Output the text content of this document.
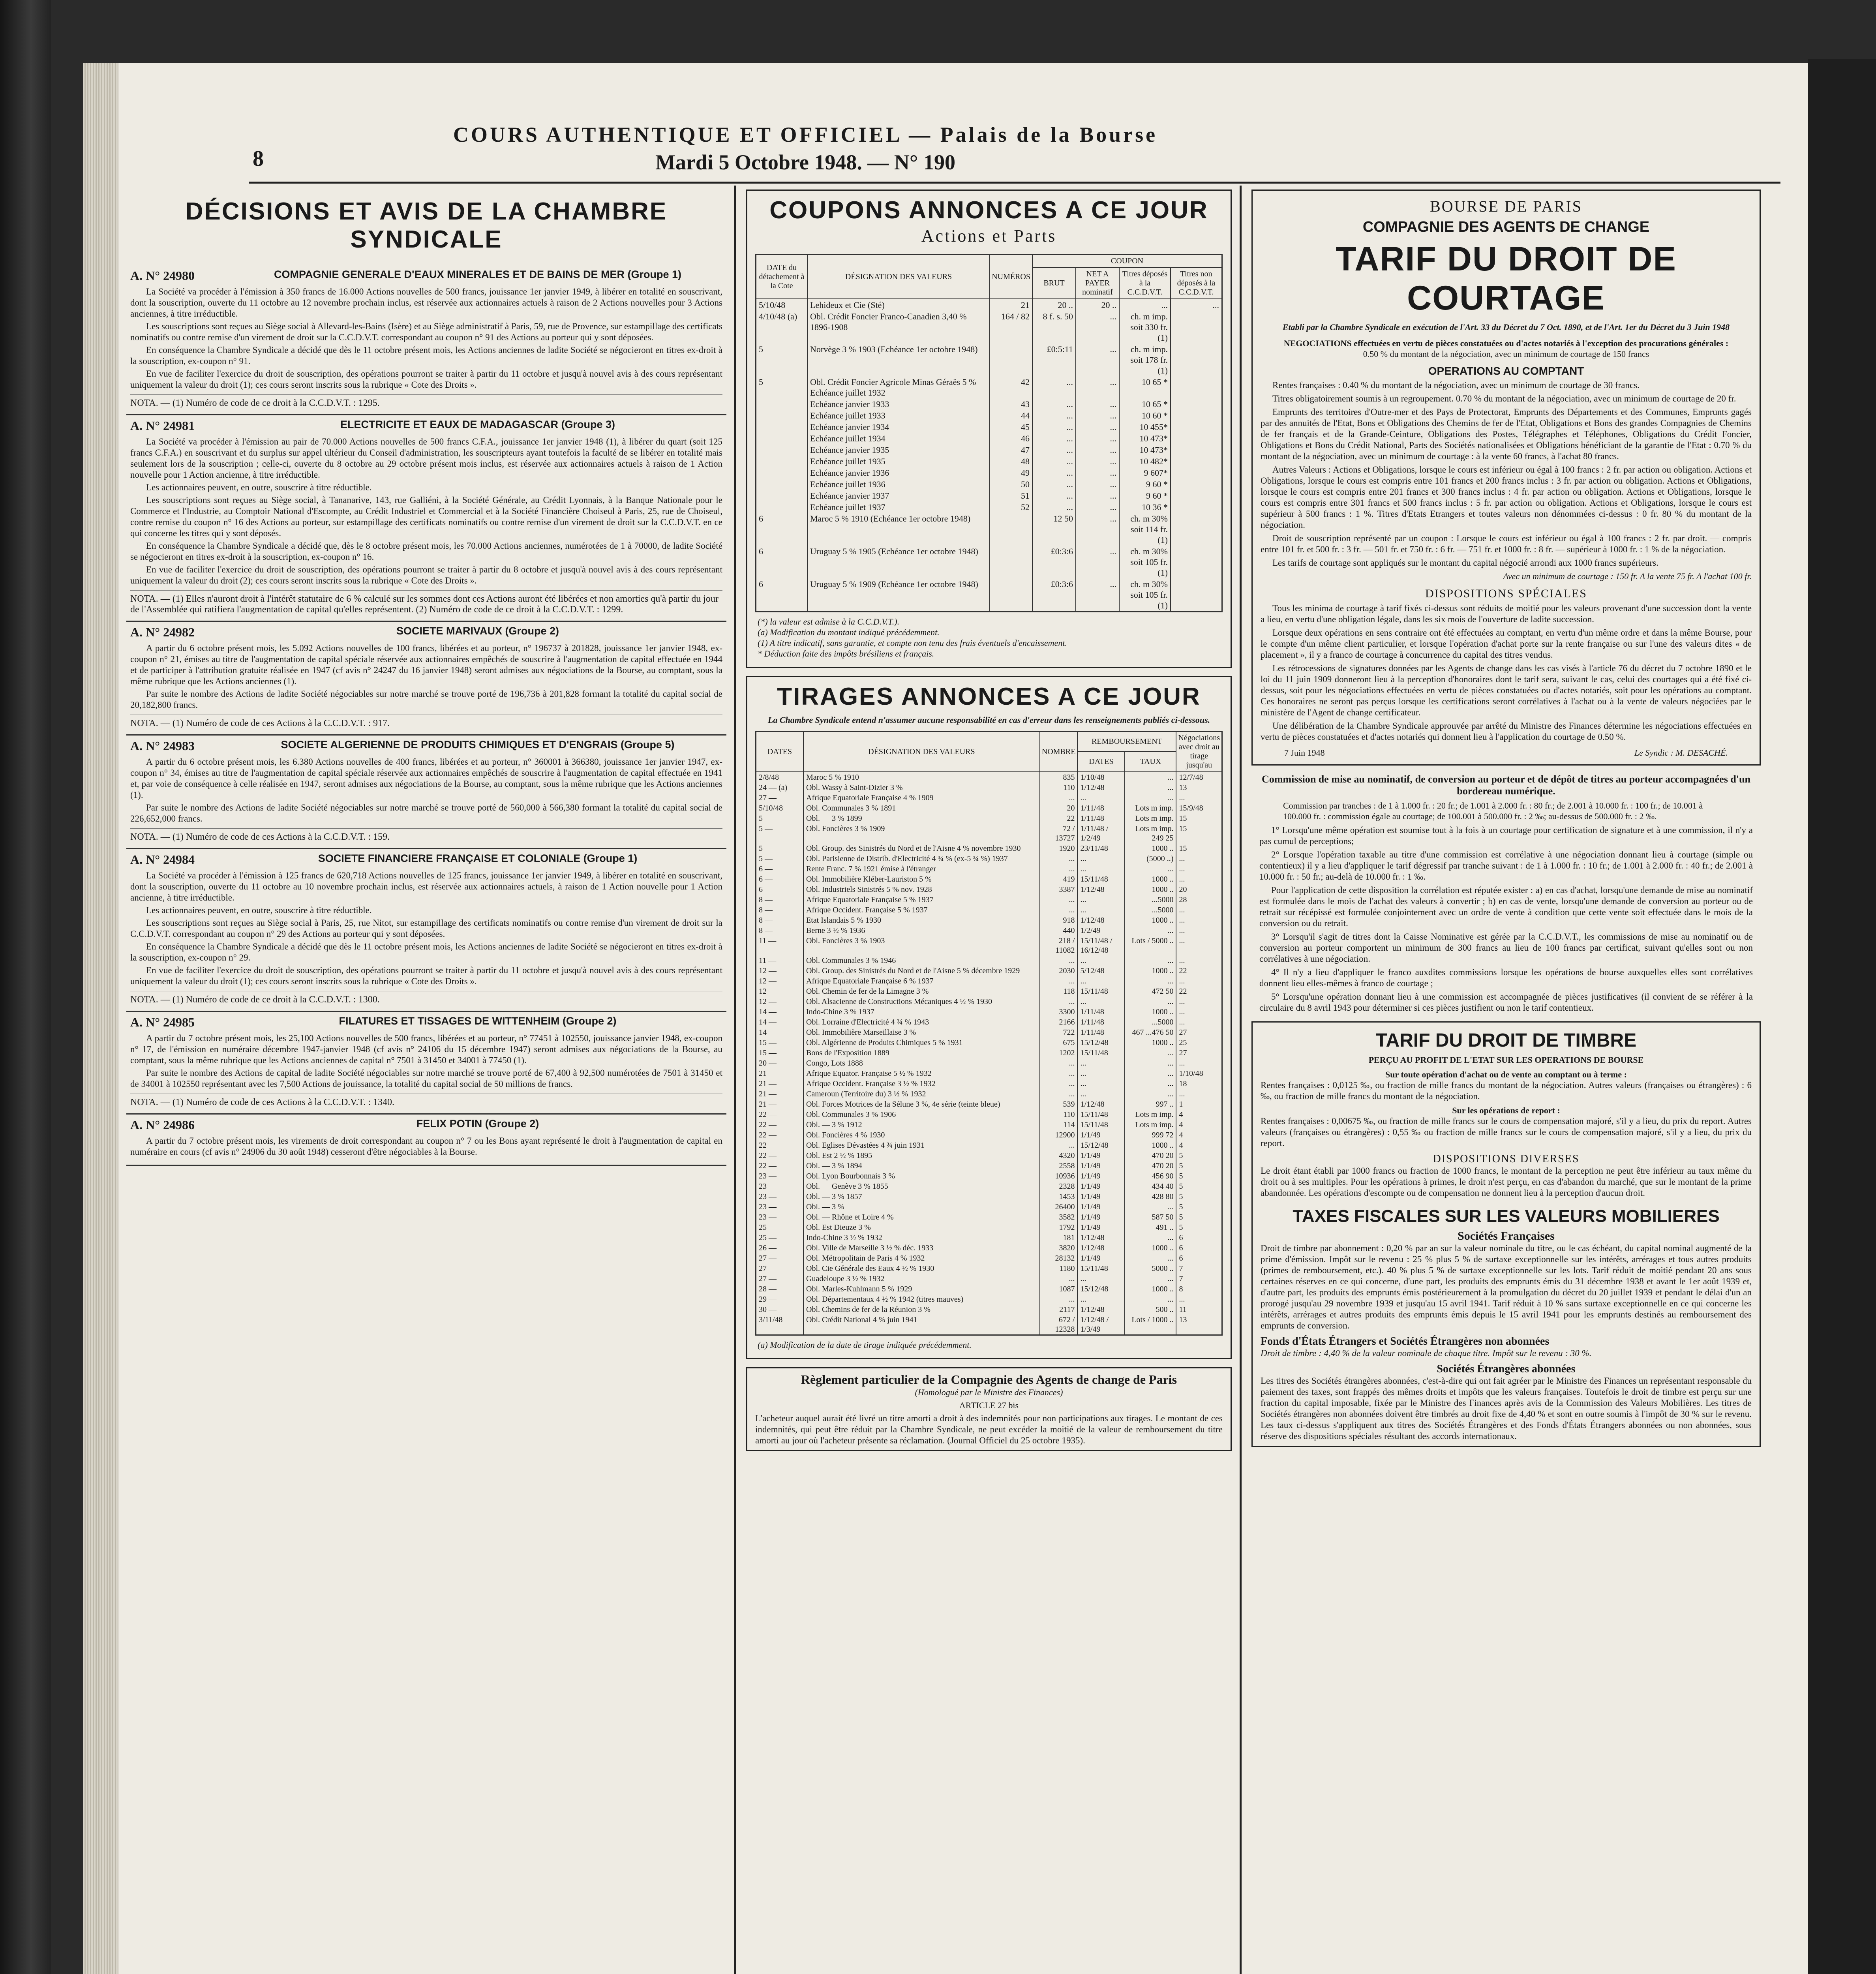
8
COURS AUTHENTIQUE ET OFFICIEL — Palais de la Bourse
Mardi 5 Octobre 1948. — N° 190
DÉCISIONS ET AVIS DE LA CHAMBRE SYNDICALE
A. N° 24980	COMPAGNIE GENERALE D'EAUX MINERALES ET DE BAINS DE MER (Groupe 1)

La Société va procéder à l'émission à 350 francs de 16.000 Actions nouvelles de 500 francs, jouissance 1er janvier 1949, à libérer en totalité en souscrivant, dont la souscription, ouverte du 11 octobre au 12 novembre prochain inclus, est réservée aux actionnaires actuels à raison de 2 Actions nouvelles pour 3 Actions anciennes, à titre irréductible.

Les souscriptions sont reçues au Siège social à Allevard-les-Bains (Isère) et au Siège administratif à Paris, 59, rue de Provence, sur estampillage des certificats nominatifs ou contre remise d'un virement de droit sur la C.C.D.V.T. correspondant au coupon n° 91 des Actions au porteur qui y sont déposées.

En conséquence la Chambre Syndicale a décidé que dès le 11 octobre présent mois, les Actions anciennes de ladite Société se négocieront en titres ex-droit à la souscription, ex-coupon n° 91.

En vue de faciliter l'exercice du droit de souscription, des opérations pourront se traiter à partir du 11 octobre et jusqu'à nouvel avis à des cours représentant uniquement la valeur du droit (1); ces cours seront inscrits sous la rubrique « Cote des Droits ».

NOTA. — (1) Numéro de code de ce droit à la C.C.D.V.T. : 1295.
A. N° 24981	ELECTRICITE ET EAUX DE MADAGASCAR (Groupe 3)

La Société va procéder à l'émission au pair de 70.000 Actions nouvelles de 500 francs C.F.A., jouissance 1er janvier 1948 (1), à libérer du quart (soit 125 francs C.F.A.) en souscrivant et du surplus sur appel ultérieur du Conseil d'administration, les souscripteurs ayant toutefois la faculté de se libérer en totalité mais seulement lors de la souscription ; celle-ci, ouverte du 8 octobre au 29 octobre présent mois inclus, est réservée aux actionnaires actuels à raison de 1 Action nouvelle pour 1 Action ancienne, à titre irréductible.

Les actionnaires peuvent, en outre, souscrire à titre réductible.

Les souscriptions sont reçues au Siège social, à Tananarive, 143, rue Galliéni, à la Société Générale, au Crédit Lyonnais, à la Banque Nationale pour le Commerce et l'Industrie, au Comptoir National d'Escompte, au Crédit Industriel et Commercial et à la Société Financière Choiseul à Paris, 25, rue de Choiseul, contre remise du coupon n° 16 des Actions au porteur, sur estampillage des certificats nominatifs ou contre remise d'un virement de droit sur la C.C.D.V.T. en ce qui concerne les titres qui y sont déposés.

En conséquence la Chambre Syndicale a décidé que, dès le 8 octobre présent mois, les 70.000 Actions anciennes, numérotées de 1 à 70000, de ladite Société se négocieront en titres ex-droit à la souscription, ex-coupon n° 16.

En vue de faciliter l'exercice du droit de souscription, des opérations pourront se traiter à partir du 8 octobre et jusqu'à nouvel avis à des cours représentant uniquement la valeur du droit (2); ces cours seront inscrits sous la rubrique « Cote des Droits ».

NOTA. — (1) Elles n'auront droit à l'intérêt statutaire de 6 % calculé sur les sommes dont ces Actions auront été libérées et non amorties qu'à partir du jour de l'Assemblée qui ratifiera l'augmentation de capital qu'elles représentent. (2) Numéro de code de ce droit à la C.C.D.V.T. : 1299.
A. N° 24982	SOCIETE MARIVAUX (Groupe 2)

A partir du 6 octobre présent mois, les 5.092 Actions nouvelles de 100 francs, libérées et au porteur, n° 196737 à 201828, jouissance 1er janvier 1948, ex-coupon n° 21, émises au titre de l'augmentation de capital spéciale réservée aux actionnaires empêchés de souscrire à l'augmentation de capital effectuée en 1944 et de participer à l'attribution gratuite réalisée en 1947 (cf avis n° 24247 du 16 janvier 1948) seront admises aux négociations de la Bourse, au comptant, sous la même rubrique que les Actions anciennes (1).

Par suite le nombre des Actions de ladite Société négociables sur notre marché se trouve porté de 196,736 à 201,828 formant la totalité du capital social de 20,182,800 francs.

NOTA. — (1) Numéro de code de ces Actions à la C.C.D.V.T. : 917.
A. N° 24983	SOCIETE ALGERIENNE DE PRODUITS CHIMIQUES ET D'ENGRAIS (Groupe 5)

A partir du 6 octobre présent mois, les 6.380 Actions nouvelles de 400 francs, libérées et au porteur, n° 360001 à 366380, jouissance 1er janvier 1947, ex-coupon n° 34, émises au titre de l'augmentation de capital spéciale réservée aux actionnaires empêchés de souscrire à l'augmentation de capital effectuée en 1941 et, par voie de conséquence à celle réalisée en 1947, seront admises aux négociations de la Bourse, au comptant, sous la même rubrique que les Actions anciennes (1).

Par suite le nombre des Actions de ladite Société négociables sur notre marché se trouve porté de 560,000 à 566,380 formant la totalité du capital social de 226,652,000 francs.

NOTA. — (1) Numéro de code de ces Actions à la C.C.D.V.T. : 159.
A. N° 24984	SOCIETE FINANCIERE FRANÇAISE ET COLONIALE (Groupe 1)

La Société va procéder à l'émission à 125 francs de 620,718 Actions nouvelles de 125 francs, jouissance 1er janvier 1949, à libérer en totalité en souscrivant, dont la souscription, ouverte du 11 octobre au 10 novembre prochain inclus, est réservée aux actionnaires actuels, à raison de 1 Action nouvelle pour 1 Action ancienne, à titre irréductible.

Les actionnaires peuvent, en outre, souscrire à titre réductible.

Les souscriptions sont reçues au Siège social à Paris, 25, rue Nitot, sur estampillage des certificats nominatifs ou contre remise d'un virement de droit sur la C.C.D.V.T. correspondant au coupon n° 29 des Actions au porteur qui y sont déposées.

En conséquence la Chambre Syndicale a décidé que dès le 11 octobre présent mois, les Actions anciennes de ladite Société se négocieront en titres ex-droit à la souscription, ex-coupon n° 29.

En vue de faciliter l'exercice du droit de souscription, des opérations pourront se traiter à partir du 11 octobre et jusqu'à nouvel avis à des cours représentant uniquement la valeur du droit (1); ces cours seront inscrits sous la rubrique « Cote des Droits ».

NOTA. — (1) Numéro de code de ce droit à la C.C.D.V.T. : 1300.
A. N° 24985	FILATURES ET TISSAGES DE WITTENHEIM (Groupe 2)

A partir du 7 octobre présent mois, les 25,100 Actions nouvelles de 500 francs, libérées et au porteur, n° 77451 à 102550, jouissance janvier 1948, ex-coupon n° 17, de l'émission en numéraire décembre 1947-janvier 1948 (cf avis n° 24106 du 15 décembre 1947) seront admises aux négociations de la Bourse, au comptant, sous la même rubrique que les Actions anciennes de capital n° 7501 à 31450 et 34001 à 77450 (1).

Par suite le nombre des Actions de capital de ladite Société négociables sur notre marché se trouve porté de 67,400 à 92,500 numérotées de 7501 à 31450 et de 34001 à 102550 représentant avec les 7,500 Actions de jouissance, la totalité du capital social de 50 millions de francs.

NOTA. — (1) Numéro de code de ces Actions à la C.C.D.V.T. : 1340.
A. N° 24986	FELIX POTIN (Groupe 2)

A partir du 7 octobre présent mois, les virements de droit correspondant au coupon n° 7 ou les Bons ayant représenté le droit à l'augmentation de capital en numéraire en cours (cf avis n° 24906 du 30 août 1948) cesseront d'être négociables à la Bourse.

COUPONS ANNONCES A CE JOUR
Actions et Parts
DATE du détachement à la Cote	DÉSIGNATION DES VALEURS	NUMÉROS	COUPON			
			BRUT	NET A PAYER nominatif	Titres déposés à la C.C.D.V.T.	Titres non déposés à la C.C.D.V.T.
5/10/48	Lehideux et Cie (Sté)	21	20 ..	20 ..	...	...
4/10/48 (a)	Obl. Crédit Foncier Franco-Canadien 3,40 % 1896-1908	164 / 82	8 f. s. 50	...	ch. m imp. soit 330 fr.(1)	
5	Norvège 3 % 1903 (Echéance 1er octobre 1948)		£0:5:11	...	ch. m imp. soit 178 fr.(1)	
5	Obl. Crédit Foncier Agricole Minas Géraës 5 % Echéance juillet 1932	42	...	...	10 65 *	
	Echéance janvier 1933	43	...	...	10 65 *	
	Echéance juillet 1933	44	...	...	10 60 *	
	Echéance janvier 1934	45	...	...	10 455*	
	Echéance juillet 1934	46	...	...	10 473*	
	Echéance janvier 1935	47	...	...	10 473*	
	Echéance juillet 1935	48	...	...	10 482*	
	Echéance janvier 1936	49	...	...	9 607*	
	Echéance juillet 1936	50	...	...	9 60 *	
	Echéance janvier 1937	51	...	...	9 60 *	
	Echéance juillet 1937	52	...	...	10 36 *	
6	Maroc 5 % 1910 (Echéance 1er octobre 1948)		12 50	...	ch. m 30% soit 114 fr.(1)	
6	Uruguay 5 % 1905 (Echéance 1er octobre 1948)		£0:3:6	...	ch. m 30% soit 105 fr.(1)	
6	Uruguay 5 % 1909 (Echéance 1er octobre 1948)		£0:3:6	...	ch. m 30% soit 105 fr.(1)	
(*) la valeur est admise à la C.C.D.V.T.).
(a) Modification du montant indiqué précédemment.
(1) A titre indicatif, sans garantie, et compte non tenu des frais éventuels d'encaissement.
* Déduction faite des impôts brésiliens et français.
TIRAGES ANNONCES A CE JOUR
La Chambre Syndicale entend n'assumer aucune responsabilité en cas d'erreur dans les renseignements publiés ci-dessous.
DATES	DÉSIGNATION DES VALEURS	NOMBRE	REMBOURSEMENT		Négociations avec droit au tirage jusqu'au
			DATES	TAUX	
2/8/48	Maroc 5 % 1910	835	1/10/48	...	12/7/48
24 — (a)	Obl. Wassy à Saint-Dizier 3 %	110	1/12/48	...	13
27 —	Afrique Equatoriale Française 4 % 1909	...	...	...	...
5/10/48	Obl. Communales 3 % 1891	20	1/11/48	Lots m imp.	15/9/48
5 —	Obl. — 3 % 1899	22	1/11/48	Lots m imp.	15
5 —	Obl. Foncières 3 % 1909	72 / 13727	1/11/48 / 1/2/49	Lots m imp. 249 25	15
5 —	Obl. Group. des Sinistrés du Nord et de l'Aisne 4 % novembre 1930	1920	23/11/48	1000 ..	15
5 —	Obl. Parisienne de Distrib. d'Electricité 4 ¾ % (ex-5 ¾ %) 1937	...	...	(5000 ..)	...
6 —	Rente Franc. 7 % 1921 émise à l'étranger	...	...	...	...
6 —	Obl. Immobilière Kléber-Lauriston 5 %	419	15/11/48	1000 ..	...
6 —	Obl. Industriels Sinistrés 5 % nov. 1928	3387	1/12/48	1000 ..	20
8 —	Afrique Equatoriale Française 5 % 1937	...	...	...5000	28
8 —	Afrique Occident. Française 5 % 1937	...	...	...5000	...
8 —	Etat Islandais 5 % 1930	918	1/12/48	1000 ..	...
8 —	Berne 3 ½ % 1936	440	1/2/49	...	...
11 —	Obl. Foncières 3 % 1903	218 / 11082	15/11/48 / 16/12/48	Lots / 5000 ..	...
11 —	Obl. Communales 3 % 1946	...	...	...	...
12 —	Obl. Group. des Sinistrés du Nord et de l'Aisne 5 % décembre 1929	2030	5/12/48	1000 ..	22
12 —	Afrique Equatoriale Française 6 % 1937	...	...	...	...
12 —	Obl. Chemin de fer de la Limagne 3 %	118	15/11/48	472 50	22
12 —	Obl. Alsacienne de Constructions Mécaniques 4 ½ % 1930	...	...	...	...
14 —	Indo-Chine 3 % 1937	3300	1/11/48	1000 ..	...
14 —	Obl. Lorraine d'Electricité 4 ¾ % 1943	2166	1/11/48	...5000	...
14 —	Obl. Immobilière Marseillaise 3 %	722	1/11/48	467 ...476 50	27
15 —	Obl. Algérienne de Produits Chimiques 5 % 1931	675	15/12/48	1000 ..	25
15 —	Bons de l'Exposition 1889	1202	15/11/48	...	27
20 —	Congo, Lots 1888	...	...	...	...
21 —	Afrique Equator. Française 5 ½ % 1932	...	...	...	1/10/48
21 —	Afrique Occident. Française 3 ½ % 1932	...	...	...	18
21 —	Cameroun (Territoire du) 3 ½ % 1932	...	...	...	...
21 —	Obl. Forces Motrices de la Sélune 3 %, 4e série (teinte bleue)	539	1/12/48	997 ..	1
22 —	Obl. Communales 3 % 1906	110	15/11/48	Lots m imp.	4
22 —	Obl. — 3 % 1912	114	15/11/48	Lots m imp.	4
22 —	Obl. Foncières 4 % 1930	12900	1/1/49	999 72	4
22 —	Obl. Eglises Dévastées 4 ¾ juin 1931	...	15/12/48	1000 ..	4
22 —	Obl. Est 2 ½ % 1895	4320	1/1/49	470 20	5
22 —	Obl. — 3 % 1894	2558	1/1/49	470 20	5
23 —	Obl. Lyon Bourbonnais 3 %	10936	1/1/49	456 90	5
23 —	Obl. — Genève 3 % 1855	2328	1/1/49	434 40	5
23 —	Obl. — 3 % 1857	1453	1/1/49	428 80	5
23 —	Obl. — 3 %	26400	1/1/49	...	5
23 —	Obl. — Rhône et Loire 4 %	3582	1/1/49	587 50	5
25 —	Obl. Est Dieuze 3 %	1792	1/1/49	491 ..	5
25 —	Indo-Chine 3 ½ % 1932	181	1/12/48	...	6
26 —	Obl. Ville de Marseille 3 ½ % déc. 1933	3820	1/12/48	1000 ..	6
27 —	Obl. Métropolitain de Paris 4 % 1932	28132	1/1/49	...	6
27 —	Obl. Cie Générale des Eaux 4 ½ % 1930	1180	15/11/48	5000 ..	7
27 —	Guadeloupe 3 ½ % 1932	...	...	...	7
28 —	Obl. Marles-Kuhlmann 5 % 1929	1087	15/12/48	1000 ..	8
29 —	Obl. Départementaux 4 ½ % 1942 (titres mauves)	...	...	...	...
30 —	Obl. Chemins de fer de la Réunion 3 %	2117	1/12/48	500 ..	11
3/11/48	Obl. Crédit National 4 % juin 1941	672 / 12328	1/12/48 / 1/3/49	Lots / 1000 ..	13
(a) Modification de la date de tirage indiquée précédemment.
Règlement particulier de la Compagnie des Agents de change de Paris
(Homologué par le Ministre des Finances)
ARTICLE 27 bis
L'acheteur auquel aurait été livré un titre amorti a droit à des indemnités pour non participations aux tirages. Le montant de ces indemnités, qui peut être réduit par la Chambre Syndicale, ne peut excéder la moitié de la valeur de remboursement du titre amorti au jour où l'acheteur présente sa réclamation. (Journal Officiel du 25 octobre 1935).
BOURSE DE PARIS
COMPAGNIE DES AGENTS DE CHANGE
TARIF DU DROIT DE COURTAGE
Etabli par la Chambre Syndicale en exécution de l'Art. 33 du Décret du 7 Oct. 1890, et de l'Art. 1er du Décret du 3 Juin 1948
NEGOCIATIONS effectuées en vertu de pièces constatuées ou d'actes notariés à l'exception des procurations générales :
0.50 % du montant de la négociation, avec un minimum de courtage de 150 francs
OPERATIONS AU COMPTANT

Rentes françaises : 0.40 % du montant de la négociation, avec un minimum de courtage de 30 francs.

Titres obligatoirement soumis à un regroupement. 0.70 % du montant de la négociation, avec un minimum de courtage de 20 fr.

Emprunts des territoires d'Outre-mer et des Pays de Protectorat, Emprunts des Départements et des Communes, Emprunts gagés par des annuités de l'Etat, Bons et Obligations des Chemins de fer de l'Etat, Obligations et Bons des grandes Compagnies de Chemins de fer français et de la Grande-Ceinture, Obligations des Postes, Télégraphes et Téléphones, Obligations du Crédit Foncier, Obligations et Bons du Crédit National, Parts des Sociétés nationalisées et Obligations bénéficiant de la garantie de l'Etat : 0.70 % du montant de la négociation, avec un minimum de courtage : à la vente 60 francs, à l'achat 80 francs.

Autres Valeurs : Actions et Obligations, lorsque le cours est inférieur ou égal à 100 francs : 2 fr. par action ou obligation. Actions et Obligations, lorsque le cours est compris entre 101 francs et 200 francs inclus : 3 fr. par action ou obligation. Actions et Obligations, lorsque le cours est compris entre 201 francs et 300 francs inclus : 4 fr. par action ou obligation. Actions et Obligations, lorsque le cours est compris entre 301 francs et 500 francs inclus : 5 fr. par action ou obligation. Actions et Obligations, lorsque le cours est supérieur à 500 francs : 1 %. Titres d'Etats Etrangers et toutes valeurs non dénommées ci-dessus : 0 fr. 80 % du montant de la négociation.

Droit de souscription représenté par un coupon : Lorsque le cours est inférieur ou égal à 100 francs : 2 fr. par droit. — compris entre 101 fr. et 500 fr. : 3 fr. — 501 fr. et 750 fr. : 6 fr. — 751 fr. et 1000 fr. : 8 fr. — supérieur à 1000 fr. : 1 % de la négociation.

Les tarifs de courtage sont appliqués sur le montant du capital négocié arrondi aux 1000 francs supérieurs.

Avec un minimum de courtage : 150 fr. A la vente 75 fr. A l'achat 100 fr.
DISPOSITIONS SPÉCIALES

Tous les minima de courtage à tarif fixés ci-dessus sont réduits de moitié pour les valeurs provenant d'une succession dont la vente a lieu, en vertu d'une obligation légale, dans les six mois de l'ouverture de ladite succession.

Lorsque deux opérations en sens contraire ont été effectuées au comptant, en vertu d'un même ordre et dans la même Bourse, pour le compte d'un même client particulier, et lorsque l'opération d'achat porte sur la rente française ou sur l'une des valeurs dites « de placement », il y a franco de courtage à concurrence du capital des titres vendus.

Les rétrocessions de signatures données par les Agents de change dans les cas visés à l'article 76 du décret du 7 octobre 1890 et le loi du 11 juin 1909 donneront lieu à la perception d'honoraires dont le tarif sera, suivant le cas, celui des courtages qui a été fixé ci-dessus, soit pour les négociations effectuées en vertu de pièces constatuées ou d'actes notariés, soit pour les opérations au comptant. Ces honoraires ne seront pas perçus lorsque les certifications seront corrélatives à l'achat ou à la vente de valeurs négociées par le ministère de l'Agent de change certificateur.

Une délibération de la Chambre Syndicale approuvée par arrêté du Ministre des Finances détermine les négociations effectuées en vertu de pièces constatuées et d'actes notariés qui donnent lieu à l'application du courtage de 0.50 %.

7 Juin 1948	Le Syndic : M. DESACHÉ.
Commission de mise au nominatif, de conversion au porteur et de dépôt de titres au porteur accompagnées d'un bordereau numérique.
Commission par tranches : de 1 à 1.000 fr. : 20 fr.; de 1.001 à 2.000 fr. : 80 fr.; de 2.001 à 10.000 fr. : 100 fr.; de 10.001 à 100.000 fr. : commission égale au courtage; de 100.001 à 500.000 fr. : 2 ‰; au-dessus de 500.000 fr. : 2 ‰.

1° Lorsqu'une même opération est soumise tout à la fois à un courtage pour certification de signature et à une commission, il n'y a pas cumul de perceptions;

2° Lorsque l'opération taxable au titre d'une commission est corrélative à une négociation donnant lieu à courtage (simple ou contentieux) il y a lieu d'appliquer le tarif dégressif par tranche suivant : de 1 à 1.000 fr. : 10 fr.; de 1.001 à 2.000 fr. : 40 fr.; de 2.001 à 10.000 fr. : 50 fr.; au-delà de 10.000 fr. : 1 ‰.

Pour l'application de cette disposition la corrélation est réputée exister : a) en cas d'achat, lorsqu'une demande de mise au nominatif est formulée dans le mois de l'achat des valeurs à convertir ; b) en cas de vente, lorsqu'une demande de conversion au porteur ou de retrait sur récépissé est formulée conjointement avec un ordre de vente à condition que cette vente soit effectuée dans le mois de la conversion ou du retrait.

3° Lorsqu'il s'agit de titres dont la Caisse Nominative est gérée par la C.C.D.V.T., les commissions de mise au nominatif ou de conversion au porteur comportent un minimum de 300 francs au lieu de 100 francs par certificat, suivant qu'elles sont ou non corrélatives à une négociation.

4° Il n'y a lieu d'appliquer le franco auxdites commissions lorsque les opérations de bourse auxquelles elles sont corrélatives donnent lieu elles-mêmes à franco de courtage ;

5° Lorsqu'une opération donnant lieu à une commission est accompagnée de pièces justificatives (il convient de se référer à la circulaire du 8 avril 1943 pour déterminer si ces pièces justifient ou non le tarif contentieux.

TARIF DU DROIT DE TIMBRE
PERÇU AU PROFIT DE L'ETAT SUR LES OPERATIONS DE BOURSE
Sur toute opération d'achat ou de vente au comptant ou à terme :
Rentes françaises : 0,0125 ‰, ou fraction de mille francs du montant de la négociation. Autres valeurs (françaises ou étrangères) : 6 ‰, ou fraction de mille francs du montant de la négociation.
Sur les opérations de report :
Rentes françaises : 0,00675 ‰, ou fraction de mille francs sur le cours de compensation majoré, s'il y a lieu, du prix du report. Autres valeurs (françaises ou étrangères) : 0,55 ‰ ou fraction de mille francs sur le cours de compensation majoré, s'il y a lieu, du prix du report.
DISPOSITIONS DIVERSES
Le droit étant établi par 1000 francs ou fraction de 1000 francs, le montant de la perception ne peut être inférieur au taux même du droit ou à ses multiples. Pour les opérations à primes, le droit n'est perçu, en cas d'abandon du marché, que sur le montant de la prime abandonnée. Les opérations d'escompte ou de compensation ne donnent lieu à la perception d'aucun droit.
TAXES FISCALES SUR LES VALEURS MOBILIERES
Sociétés Françaises
Droit de timbre par abonnement : 0,20 % par an sur la valeur nominale du titre, ou le cas échéant, du capital nominal augmenté de la prime d'émission. Impôt sur le revenu : 25 % plus 5 % de surtaxe exceptionnelle sur les intérêts, arrérages et tous autres produits (primes de remboursement, etc.). 40 % plus 5 % de surtaxe exceptionnelle sur les lots. Tarif réduit de moitié pendant 20 ans sous certaines réserves en ce qui concerne, d'une part, les produits des emprunts émis du 31 décembre 1938 et avant le 1er août 1939 et, d'autre part, les produits des emprunts émis postérieurement à la promulgation du décret du 20 juillet 1939 et pendant le délai d'un an prorogé jusqu'au 29 novembre 1939 et jusqu'au 15 avril 1941. Tarif réduit à 10 % sans surtaxe exceptionnelle en ce qui concerne les intérêts, arrérages et autres produits des emprunts émis depuis le 15 avril 1941 pour les emprunts destinés au remboursement des emprunts de conversion.
Fonds d'États Étrangers et Sociétés Étrangères non abonnées
Droit de timbre : 4,40 % de la valeur nominale de chaque titre. Impôt sur le revenu : 30 %.
Sociétés Étrangères abonnées
Les titres des Sociétés étrangères abonnées, c'est-à-dire qui ont fait agréer par le Ministre des Finances un représentant responsable du paiement des taxes, sont frappés des mêmes droits et impôts que les valeurs françaises. Toutefois le droit de timbre est perçu sur une fraction du capital imposable, fixée par le Ministre des Finances après avis de la Commission des Valeurs Mobilières. Les titres de Sociétés étrangères non abonnées doivent être timbrés au droit fixe de 4,40 % et sont en outre soumis à l'impôt de 30 % sur le revenu. Les taux ci-dessus s'appliquent aux titres des Sociétés Étrangères et des Fonds d'États Étrangers abonnées ou non abonnées, sous réserve des dispositions spéciales résultant des accords internationaux.
